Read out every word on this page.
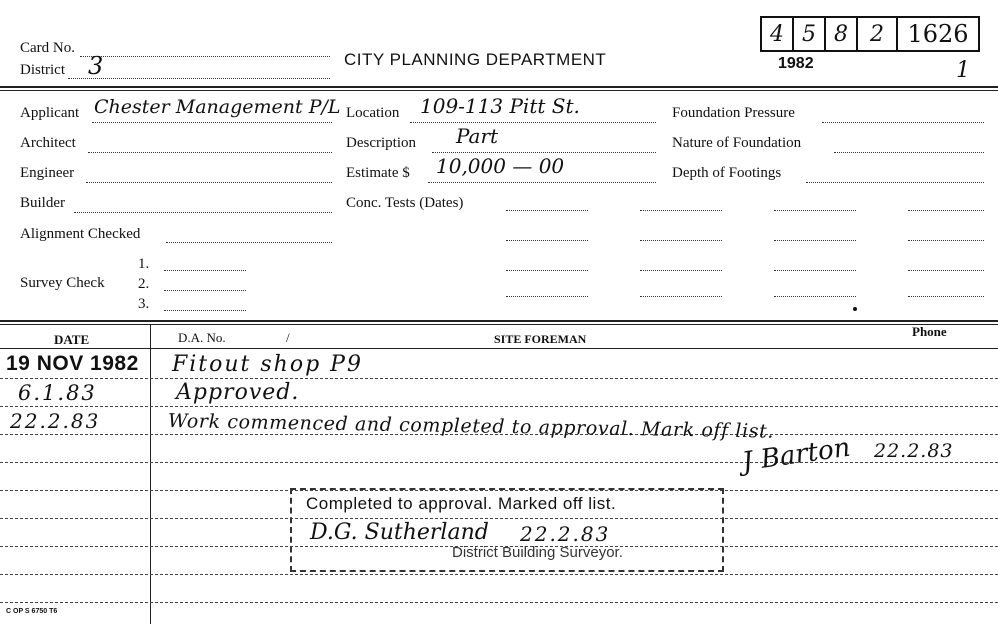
Card No.
District 3	CITY PLANNING DEPARTMENT	1982	1
4 5 8	2 1626
Applicant Chester Management P/L
Architect
Engineer
Builder
Alignment Checked
Survey Check
1.
2.
3.
Location 109-113 Pitt St.
Description Part
Estimate $ 10,000 — 00
Conc. Tests (Dates)
Foundation Pressure
Nature of Foundation
Depth of Footings
DATE	D.A. No.	/	SITE FOREMAN	Phone
19 NOV 1982 Fitout shop P9
6.1.83	Approved.
22.2.83	Work commenced and completed to approval. Mark off list.
J Barton 22.2.83
Completed to approval. Marked off list.
D.G. Sutherland 22.2.83
District Building Surveyor.
C OP S 6750 T6
